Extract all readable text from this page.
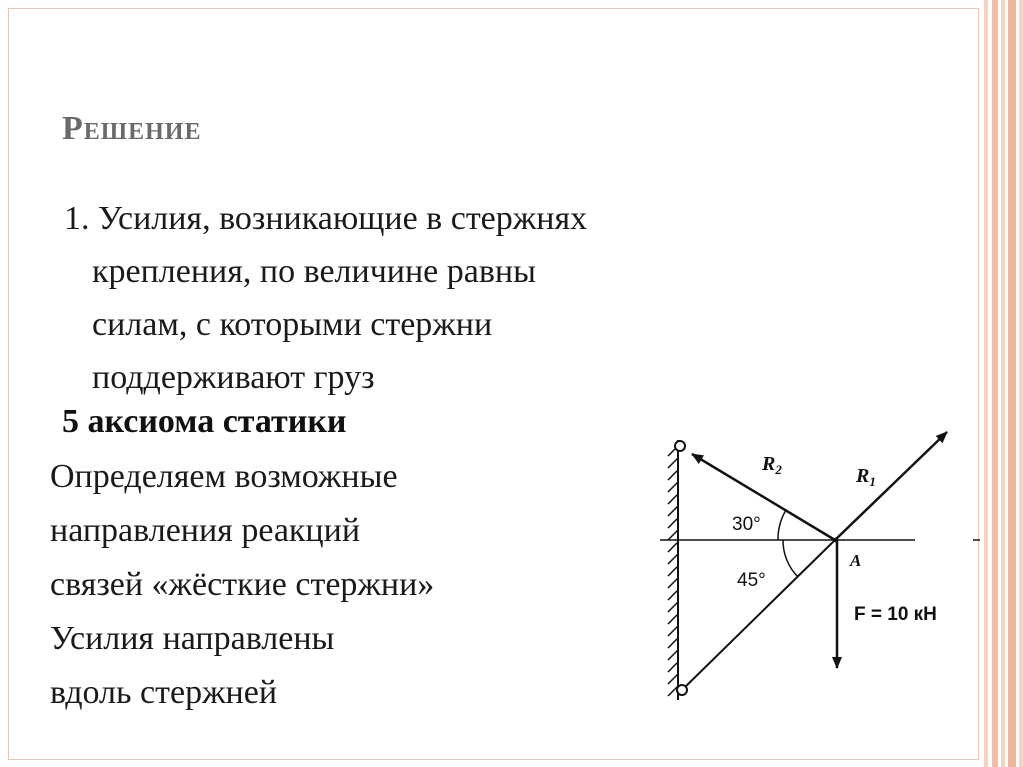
Решение
1. Усилия, возникающие в стержнях
крепления, по величине равны
силам, с которыми стержни
поддерживают груз
5 аксиома статики
Определяем возможные
направления реакций
связей «жёсткие стержни»
Усилия направлены
вдоль стержней
$R_2$	$R_1$
30°
45°
A
F = 10 кН
